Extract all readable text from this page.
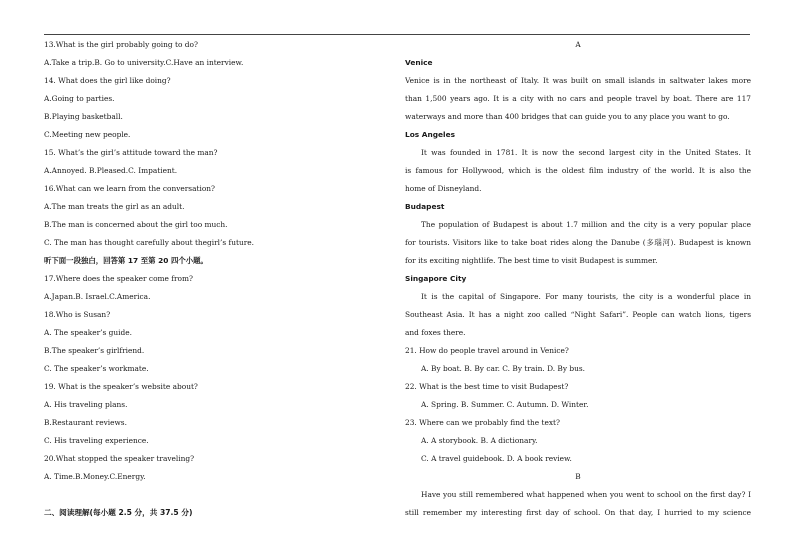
13.What is the girl probably going to do?
A.Take a trip.B. Go to university.C.Have an interview.
14. What does the girl like doing?
A.Going to parties.
B.Playing basketball.
C.Meeting new people.
15. What’s the girl’s attitude toward the man?
A.Annoyed. B.Pleased.C. Impatient.
16.What can we learn from the conversation?
A.The man treats the girl as an adult.
B.The man is concerned about the girl too much.
C. The man has thought carefully about thegirl’s future.
听下面一段独白，回答第 17 至第 20 四个小题。
17.Where does the speaker come from?
A.Japan.B. Israel.C.America.
18.Who is Susan?
A. The speaker’s guide.
B.The speaker’s girlfriend.
C. The speaker’s workmate.
19. What is the speaker’s website about?
A. His traveling plans.
B.Restaurant reviews.
C. His traveling experience.
20.What stopped the speaker traveling?
A. Time.B.Money.C.Energy.
二、阅读理解(每小题 2.5 分，共 37.5 分)
A
Venice
Venice is in the northeast of Italy. It was built on small islands in saltwater lakes more
than 1,500 years ago. It is a city with no cars and people travel by boat. There are 117
waterways and more than 400 bridges that can guide you to any place you want to go.
Los Angeles
It was founded in 1781. It is now the second largest city in the United States. It
is famous for Hollywood, which is the oldest film industry of the world. It is also the
home of Disneyland.
Budapest
The population of Budapest is about 1.7 million and the city is a very popular place
for tourists. Visitors like to take boat rides along the Danube (多瑙河). Budapest is known
for its exciting nightlife. The best time to visit Budapest is summer.
Singapore City
It is the capital of Singapore. For many tourists, the city is a wonderful place in
Southeast Asia. It has a night zoo called “Night Safari”. People can watch lions, tigers
and foxes there.
21. How do people travel around in Venice?
A. By boat. B. By car. C. By train. D. By bus.
22. What is the best time to visit Budapest?
A. Spring. B. Summer. C. Autumn. D. Winter.
23. Where can we probably find the text?
A. A storybook. B. A dictionary.
C. A travel guidebook. D. A book review.
B
Have you still remembered what happened when you went to school on the first day? I
still remember my interesting first day of school. On that day, I hurried to my science
